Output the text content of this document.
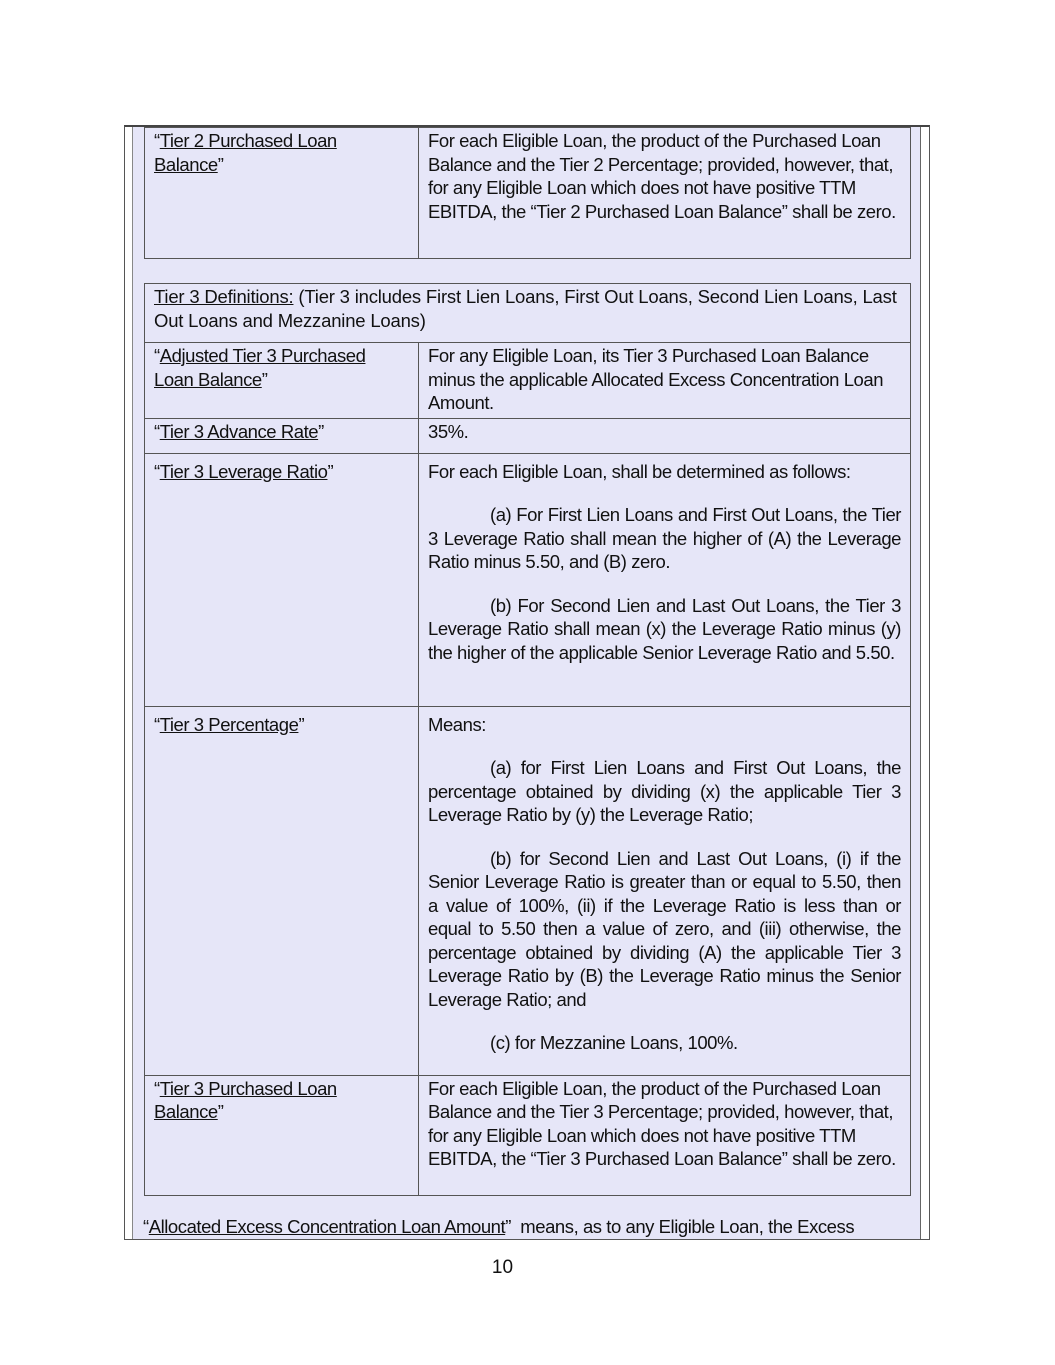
“Tier 2 Purchased Loan Balance”	For each Eligible Loan, the product of the Purchased Loan Balance and the Tier 2 Percentage; provided, however, that, for any Eligible Loan which does not have positive TTM EBITDA, the “Tier 2 Purchased Loan Balance” shall be zero.
Tier 3 Definitions: (Tier 3 includes First Lien Loans, First Out Loans, Second Lien Loans, Last Out Loans and Mezzanine Loans)	
“Adjusted Tier 3 Purchased Loan Balance”	For any Eligible Loan, its Tier 3 Purchased Loan Balance minus the applicable Allocated Excess Concentration Loan Amount.
“Tier 3 Advance Rate”	35%.
“Tier 3 Leverage Ratio”	For each Eligible Loan, shall be determined as follows:

(a) For First Lien Loans and First Out Loans, the Tier 3 Leverage Ratio shall mean the higher of (A) the Leverage Ratio minus 5.50, and (B) zero.

(b) For Second Lien and Last Out Loans, the Tier 3 Leverage Ratio shall mean (x) the Leverage Ratio minus (y) the higher of the applicable Senior Leverage Ratio and 5.50.

“Tier 3 Percentage”	Means:

(a) for First Lien Loans and First Out Loans, the percentage obtained by dividing (x) the applicable Tier 3 Leverage Ratio by (y) the Leverage Ratio;

(b) for Second Lien and Last Out Loans, (i) if the Senior Leverage Ratio is greater than or equal to 5.50, then a value of 100%, (ii) if the Leverage Ratio is less than or equal to 5.50 then a value of zero, and (iii) otherwise, the percentage obtained by dividing (A) the applicable Tier 3 Leverage Ratio by (B) the Leverage Ratio minus the Senior Leverage Ratio; and

(c) for Mezzanine Loans, 100%.

“Tier 3 Purchased Loan Balance”	For each Eligible Loan, the product of the Purchased Loan Balance and the Tier 3 Percentage; provided, however, that, for any Eligible Loan which does not have positive TTM EBITDA, the “Tier 3 Purchased Loan Balance” shall be zero.
“Allocated Excess Concentration Loan Amount”  means, as to any Eligible Loan, the Excess
10
